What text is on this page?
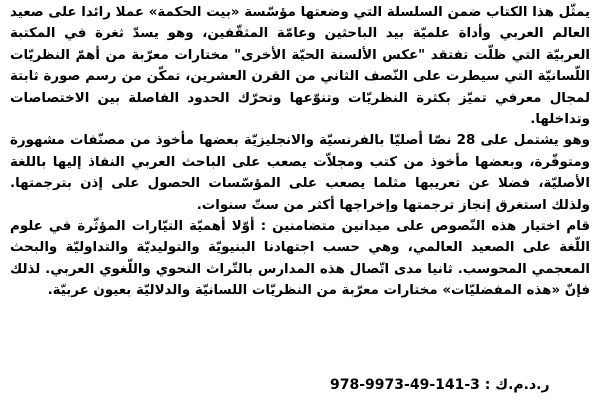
يمثّل هذا الكتاب ضمن السلسلة التي وضعتها مؤسّسة «بيت الحكمة» عملا رائدا على صعيد العالم العربي وأداة علميّة بيد الباحثين وعامّة المثقّفين، وهو يسدّ ثغرة في المكتبة العربيّة التي ظلّت تفتقد "عكس الألسنة الحيّة الأخرى" مختارات معرّبة من أهمّ النظريّات اللّسانيّة التي سيطرت على النّصف الثاني من القرن العشرين، تمكّن من رسم صورة ثابتة لمجال معرفي تميّز بكثرة النظريّات وتنوّعها وتحرّك الحدود الفاصلة بين الاختصاصات وتداخلها.

وهو يشتمل على 28 نصّا أصليّا بالفرنسيّة والانجليزيّة بعضها مأخوذ من مصنّفات مشهورة ومتوفّرة، وبعضها مأخوذ من كتب ومجلاّت يصعب على الباحث العربي النفاذ إليها باللغة الأصليّة، فضلا عن تعريبها مثلما يصعب على المؤسّسات الحصول على إذن بترجمتها. ولذلك استغرق إنجاز ترجمتها وإخراجها أكثر من ستّ سنوات.

قام اختيار هذه النّصوص على ميدانين متضامنين : أوّلا أهميّة التيّارات المؤثّرة في علوم اللّغة على الصعيد العالمي، وهي حسب اجتهادنا البنيويّة والتوليديّة والتداوليّة والبحث المعجمي المحوسب. ثانيا مدى اتّصال هذه المدارس بالتّراث النحوي واللّغوي العربي. لذلك فإنّ «هذه المفضليّات» مختارات معرّبة من النظريّات اللسانيّة والدلاليّة بعيون عربيّة.

ر.د.م.ك : 3-141-49-9973-978
